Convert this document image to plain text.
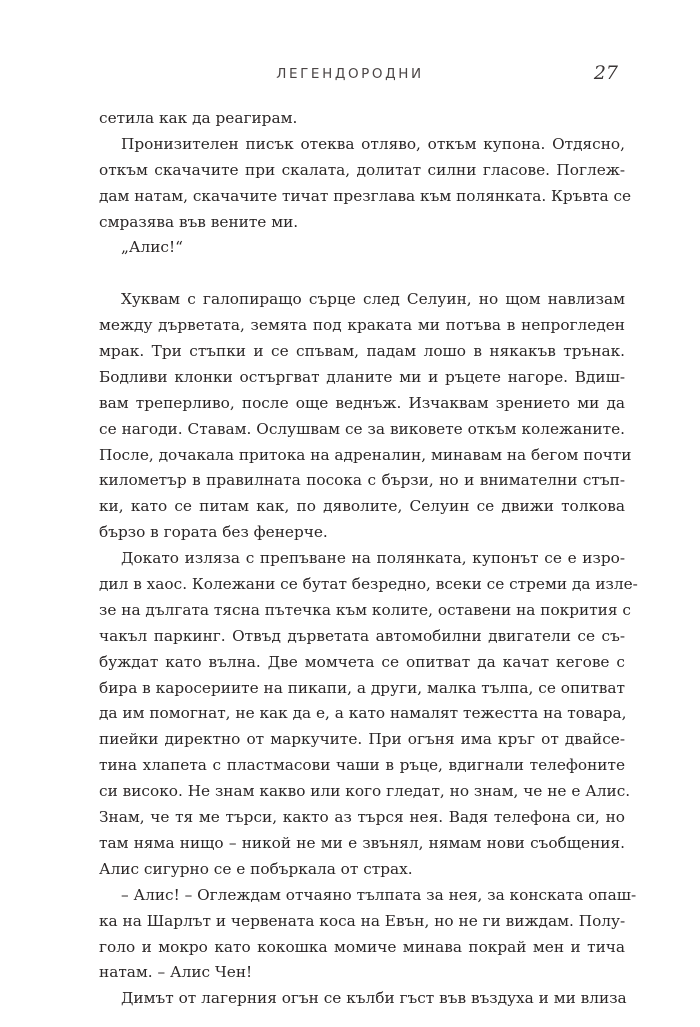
ЛЕГЕНДОРОДНИ	27
сетила как да реагирам.
Пронизителен писък отеква отляво, откъм купона. Отдясно,
откъм скачачите при скалата, долитат силни гласове. Поглеж-
дам натам, скачачите тичат презглава към полянката. Кръвта се
смразява във вените ми.
„Алис!“
Хуквам с галопиращо сърце след Селуин, но щом навлизам
между дърветата, земята под краката ми потъва в непрогледен
мрак. Три стъпки и се спъвам, падам лошо в някакъв трънак.
Бодливи клонки остъргват дланите ми и ръцете нагоре. Вдиш-
вам треперливо, после още веднъж. Изчаквам зрението ми да
се нагоди. Ставам. Ослушвам се за виковете откъм колежаните.
После, дочакала притока на адреналин, минавам на бегом почти
километър в правилната посока с бързи, но и внимателни стъп-
ки, като се питам как, по дяволите, Селуин се движи толкова
бързо в гората без фенерче.
Докато изляза с препъване на полянката, купонът се е изро-
дил в хаос. Колежани се бутат безредно, всеки се стреми да изле-
зе на дългата тясна пътечка към колите, оставени на покрития с
чакъл паркинг. Отвъд дърветата автомобилни двигатели се съ-
буждат като вълна. Две момчета се опитват да качат кегове с
бира в каросериите на пикапи, а други, малка тълпа, се опитват
да им помогнат, не как да е, а като намалят тежестта на товара,
пиейки директно от маркучите. При огъня има кръг от двайсе-
тина хлапета с пластмасови чаши в ръце, вдигнали телефоните
си високо. Не знам какво или кого гледат, но знам, че не е Алис.
Знам, че тя ме търси, както аз търся нея. Вадя телефона си, но
там няма нищо – никой не ми е звънял, нямам нови съобщения.
Алис сигурно се е побъркала от страх.
– Алис! – Оглеждам отчаяно тълпата за нея, за конската опаш-
ка на Шарлът и червената коса на Евън, но не ги виждам. Полу-
голо и мокро като кокошка момиче минава покрай мен и тича
натам. – Алис Чен!
Димът от лагерния огън се кълби гъст във въздуха и ми влиза
